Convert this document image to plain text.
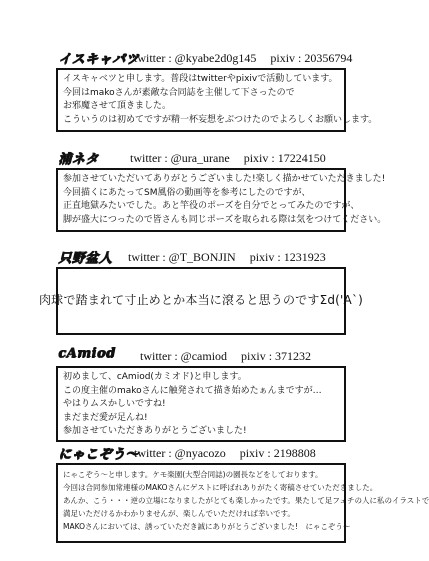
イスキャパツ
twitter : @kyabe2d0g145 pixiv : 20356794
イスキャベツと申します。普段はtwitterやpixivで活動しています。
今回はmakoさんが素敵な合同誌を主催して下さったので
お邪魔させて頂きました。
こういうのは初めてですが精一杯妄想をぶつけたのでよろしくお願いします。
浦ネタ	twitter : @ura_urane pixiv : 17224150
参加させていただいてありがとうございました!楽しく描かせていただきました!
今回描くにあたってSM風俗の動画等を参考にしたのですが、
正直地獄みたいでした。あと竿役のポーズを自分でとってみたのですが、
脚が盛大につったので皆さんも同じポーズを取られる際は気をつけてください。
只野盆人 twitter : @T_BONJIN pixiv : 1231923
肉球で踏まれて寸止めとか本当に滾ると思うのですΣd('A`)
cAmiod twitter : @camiod pixiv : 371232
初めまして、cAmiod(カミオド)と申します。
この度主催のmakoさんに触発されて描き始めたぁんまですが…
やはりムスかしいですね!
まだまだ愛が足んね!
参加させていただきありがとうございました!
にゃこぞう〜
twitter : @nyacozo pixiv : 2198808
にゃこぞう〜と申します。ケモ楽園(大型合同誌)の園長などをしております。
今回は合同参加常連様のMAKOさんにゲストに呼ばれありがたく寄稿させていただきました。
あんか、こう・・・逆の立場になりましたがとても楽しかったです。果たして足フェチの人に私のイラストで
満足いただけるかわかりませんが、楽しんでいただければ幸いです。
MAKOさんにおいては、誘っていただき誠にありがとうございました!　にゃこぞう〜
